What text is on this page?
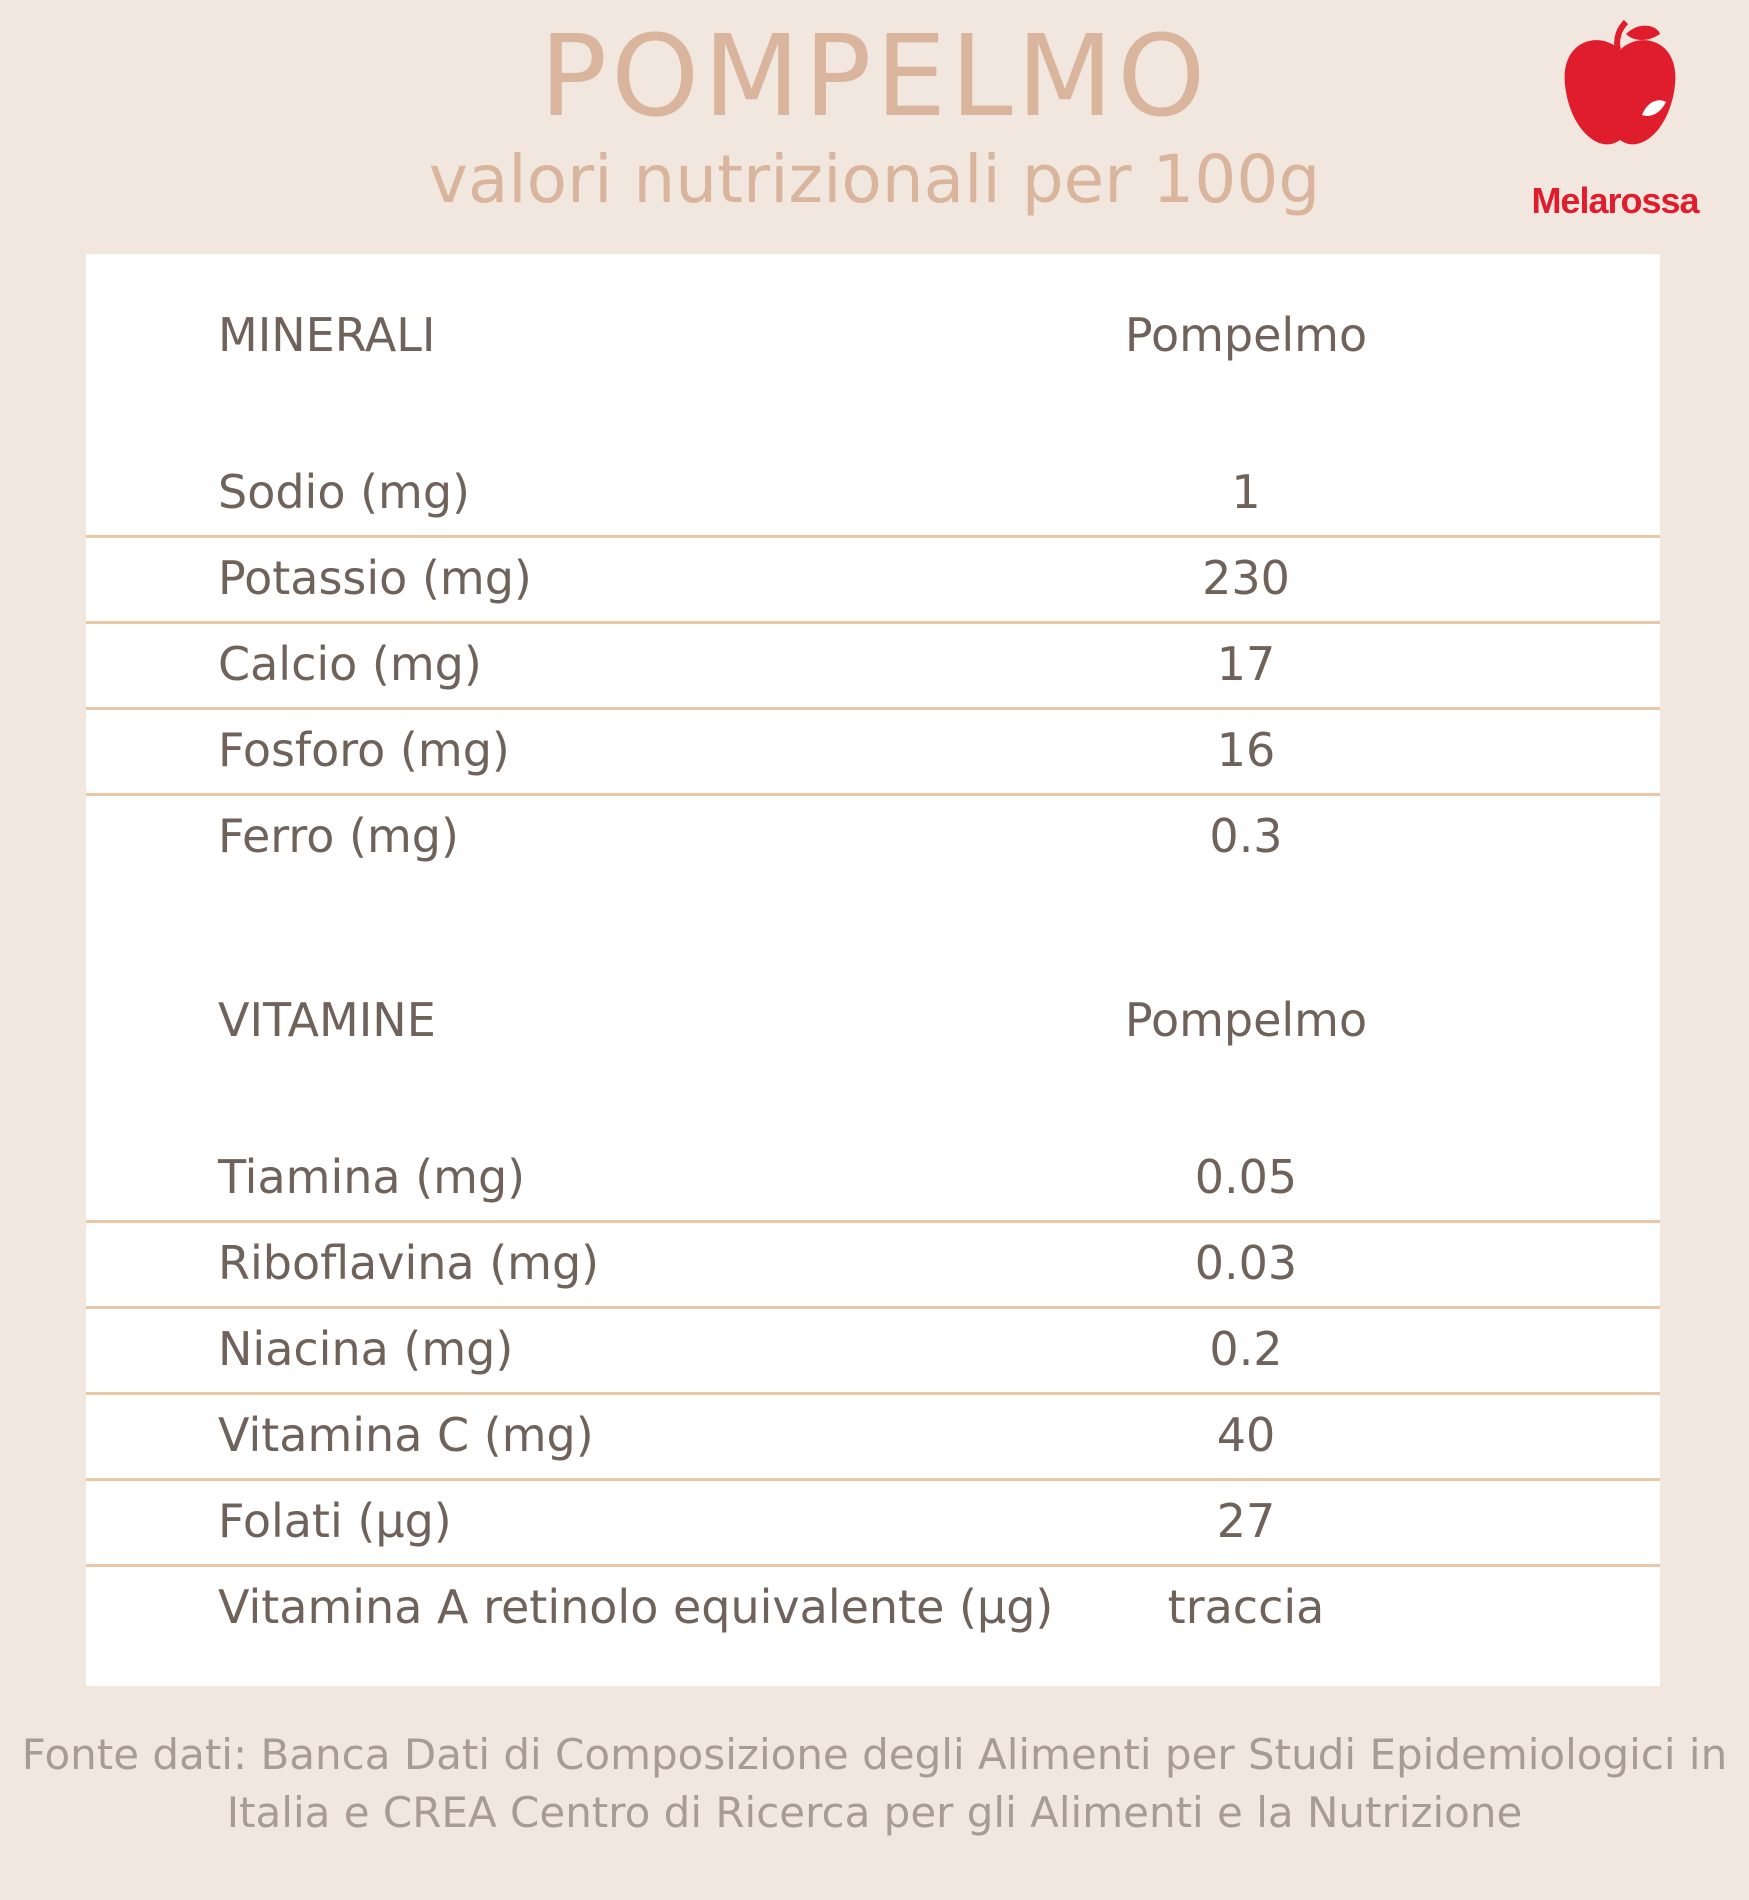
POMPELMO
valori nutrizionali per 100g	Melarossa
MINERALI	Pompelmo
Sodio (mg)	1
Potassio (mg)	230
Calcio (mg)	17
Fosforo (mg)	16
Ferro (mg)	0.3
VITAMINE	Pompelmo
Tiamina (mg)	0.05
Riboflavina (mg)	0.03
Niacina (mg)	0.2
Vitamina C (mg)	40
Folati (µg)	27
Vitamina A retinolo equivalente (µg)	traccia
Fonte dati: Banca Dati di Composizione degli Alimenti per Studi Epidemiologici in
Italia e CREA Centro di Ricerca per gli Alimenti e la Nutrizione
